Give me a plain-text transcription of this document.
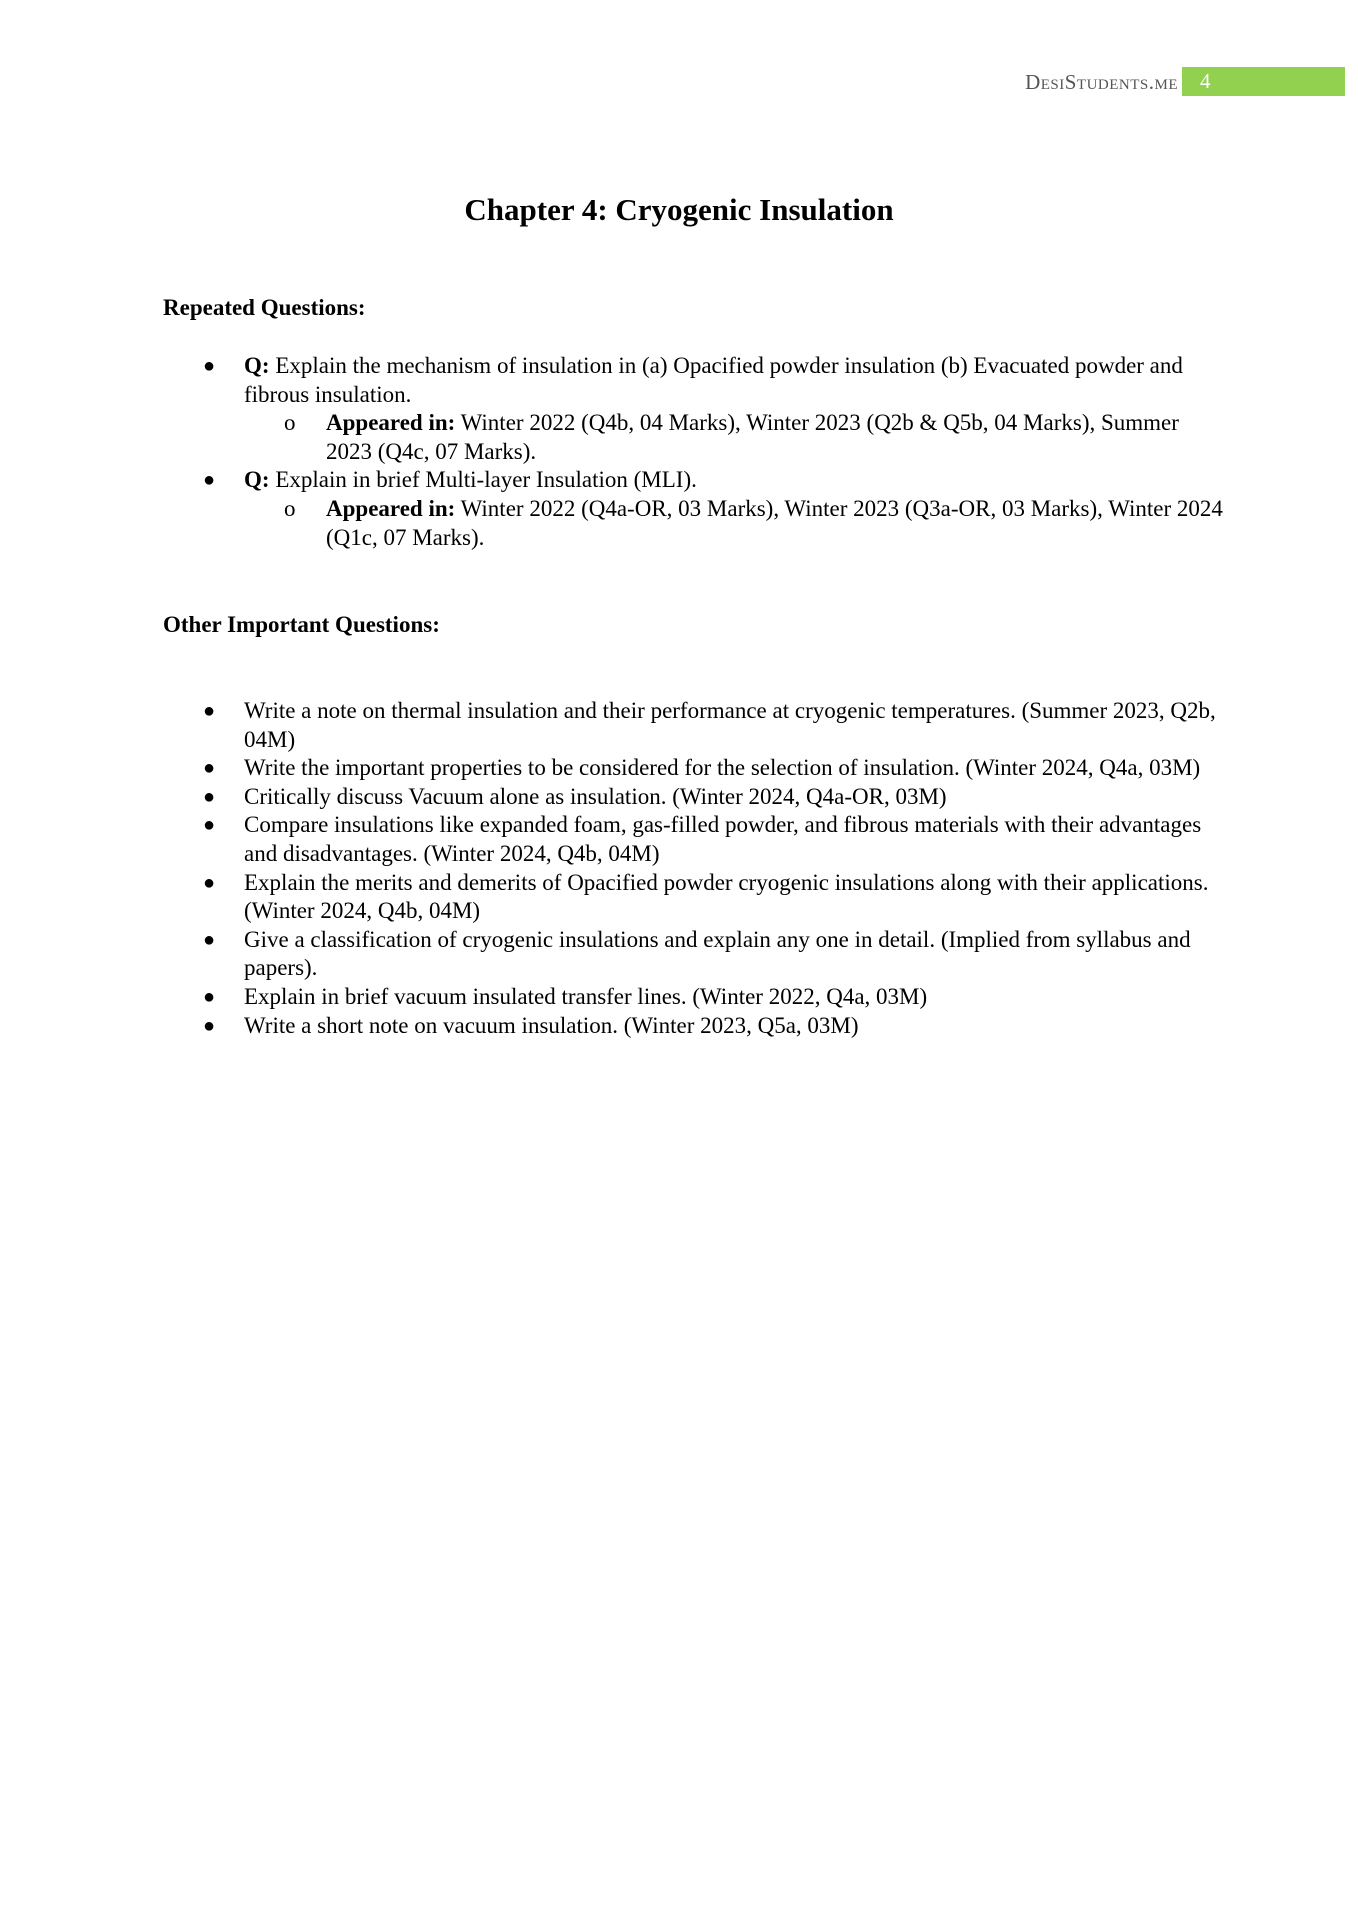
DesiStudents.me	4
Chapter 4: Cryogenic Insulation
Repeated Questions:
● Q: Explain the mechanism of insulation in (a) Opacified powder insulation (b) Evacuated powder and fibrous insulation.
o Appeared in: Winter 2022 (Q4b, 04 Marks), Winter 2023 (Q2b & Q5b, 04 Marks), Summer 2023 (Q4c, 07 Marks).
● Q: Explain in brief Multi-layer Insulation (MLI).
o Appeared in: Winter 2022 (Q4a-OR, 03 Marks), Winter 2023 (Q3a-OR, 03 Marks), Winter 2024 (Q1c, 07 Marks).
Other Important Questions:
● Write a note on thermal insulation and their performance at cryogenic temperatures. (Summer 2023, Q2b, 04M)
● Write the important properties to be considered for the selection of insulation. (Winter 2024, Q4a, 03M)
● Critically discuss Vacuum alone as insulation. (Winter 2024, Q4a-OR, 03M)
● Compare insulations like expanded foam, gas-filled powder, and fibrous materials with their advantages and disadvantages. (Winter 2024, Q4b, 04M)
● Explain the merits and demerits of Opacified powder cryogenic insulations along with their applications. (Winter 2024, Q4b, 04M)
● Give a classification of cryogenic insulations and explain any one in detail. (Implied from syllabus and papers).
● Explain in brief vacuum insulated transfer lines. (Winter 2022, Q4a, 03M)
● Write a short note on vacuum insulation. (Winter 2023, Q5a, 03M)
